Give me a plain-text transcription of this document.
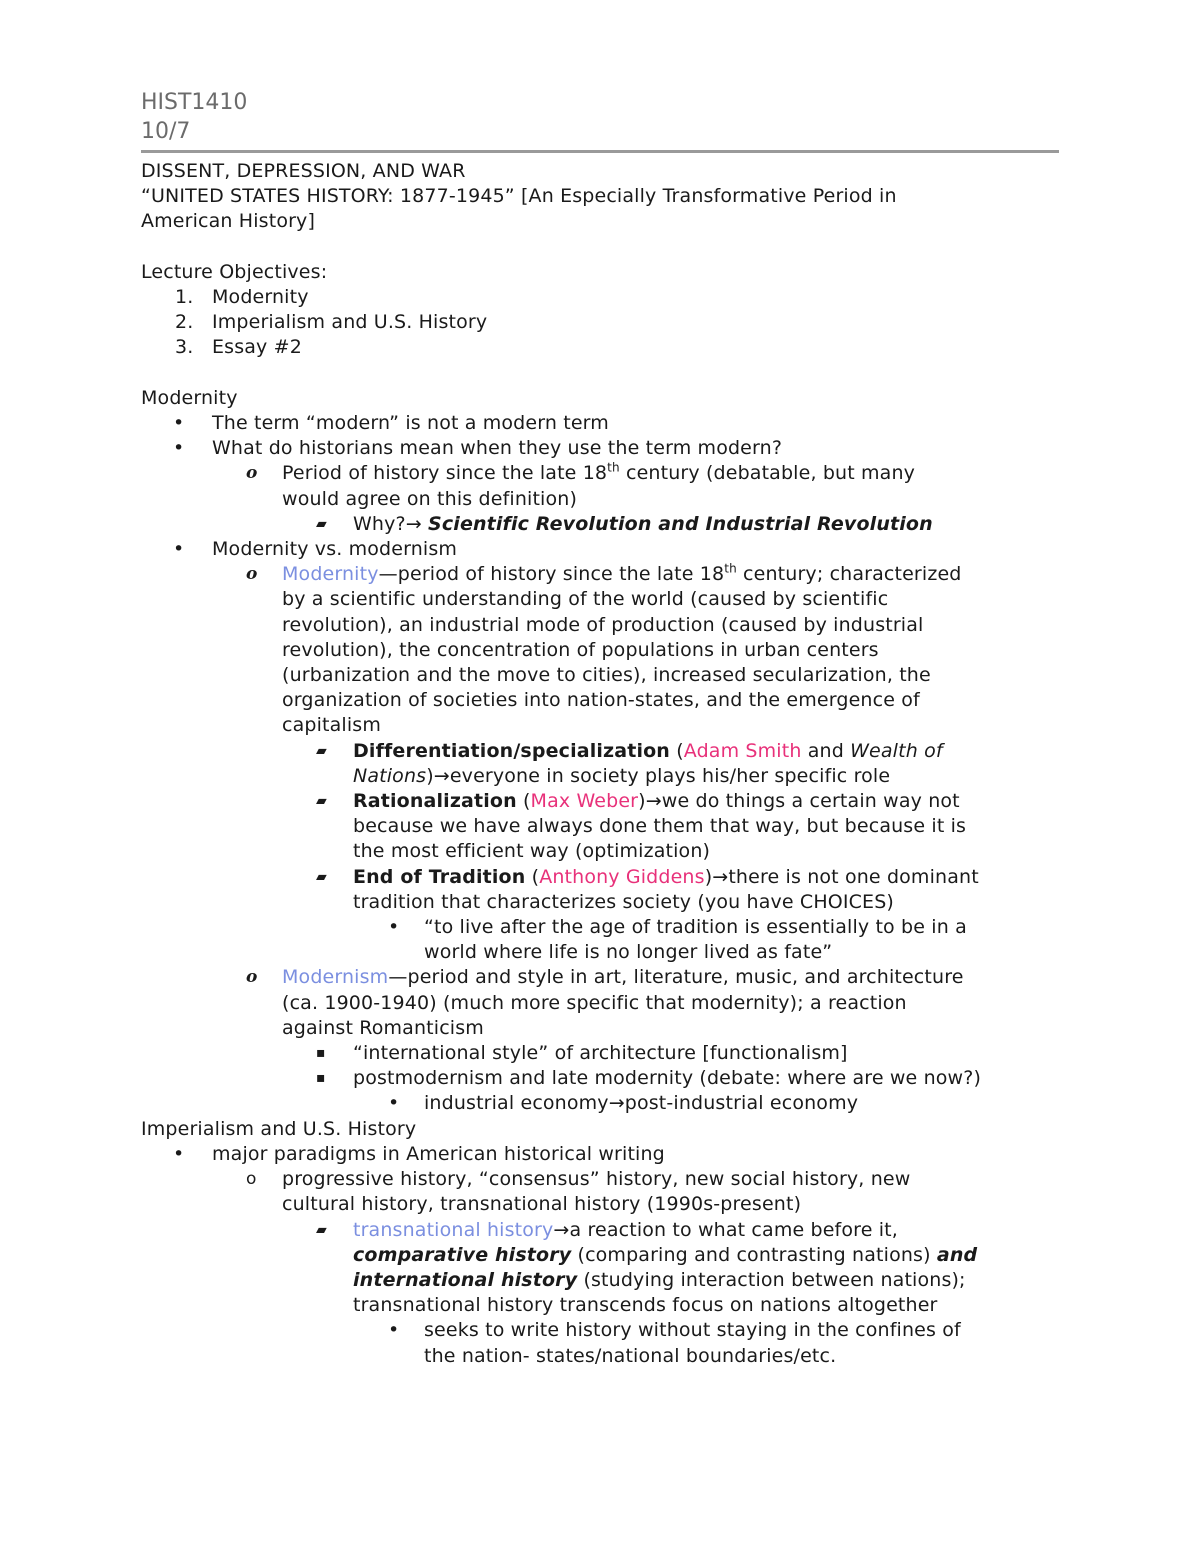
HIST1410
10/7
DISSENT, DEPRESSION, AND WAR
“UNITED STATES HISTORY: 1877-1945” [An Especially Transformative Period in
American History]
Lecture Objectives:
1. Modernity
2. Imperialism and U.S. History
3. Essay #2
Modernity
• The term “modern” is not a modern term
• What do historians mean when they use the term modern?
o Period of history since the late 18th century (debatable, but many
would agree on this definition)
▰ Why?→ Scientific Revolution and Industrial Revolution
• Modernity vs. modernism
o Modernity—period of history since the late 18th century; characterized
by a scientific understanding of the world (caused by scientific
revolution), an industrial mode of production (caused by industrial
revolution), the concentration of populations in urban centers
(urbanization and the move to cities), increased secularization, the
organization of societies into nation-states, and the emergence of
capitalism
▰ Differentiation/specialization (Adam Smith and Wealth of
Nations)→everyone in society plays his/her specific role
▰ Rationalization (Max Weber)→we do things a certain way not
because we have always done them that way, but because it is
the most efficient way (optimization)
▰ End of Tradition (Anthony Giddens)→there is not one dominant
tradition that characterizes society (you have CHOICES)
• “to live after the age of tradition is essentially to be in a
world where life is no longer lived as fate”
o Modernism—period and style in art, literature, music, and architecture
(ca. 1900-1940) (much more specific that modernity); a reaction
against Romanticism
▪ “international style” of architecture [functionalism]
▪ postmodernism and late modernity (debate: where are we now?)
• industrial economy→post-industrial economy
Imperialism and U.S. History
• major paradigms in American historical writing
o progressive history, “consensus” history, new social history, new
cultural history, transnational history (1990s-present)
▰ transnational history→a reaction to what came before it,
comparative history (comparing and contrasting nations) and
international history (studying interaction between nations);
transnational history transcends focus on nations altogether
• seeks to write history without staying in the confines of
the nation- states/national boundaries/etc.
